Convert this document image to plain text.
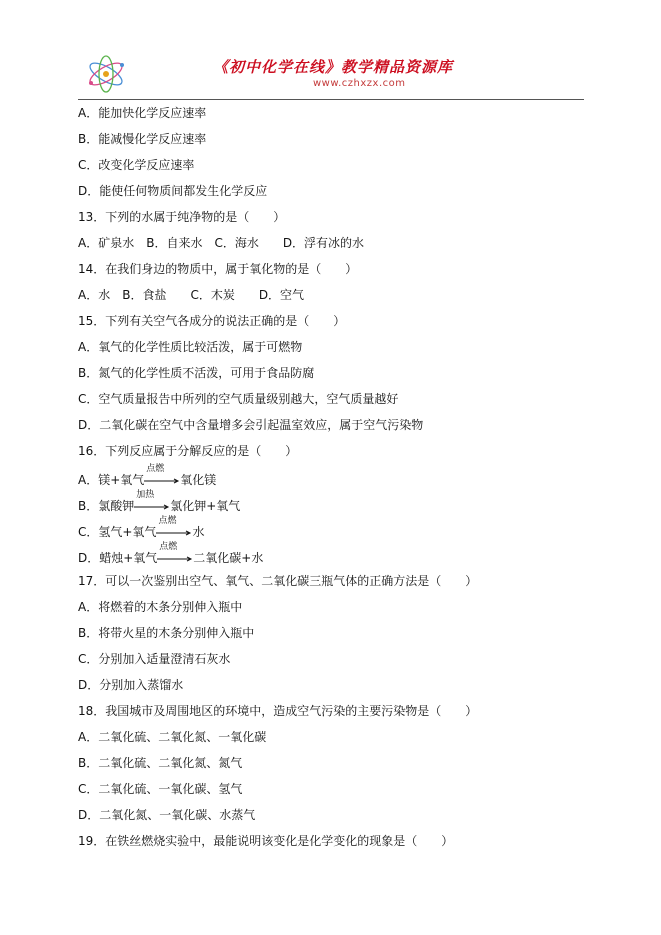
《初中化学在线》教学精品资源库
www.czhxzx.com
A．能加快化学反应速率
B．能减慢化学反应速率
C．改变化学反应速率
D．能使任何物质间都发生化学反应
13．下列的水属于纯净物的是（　　）
A．矿泉水　B．自来水　C．海水　　D．浮有冰的水
14．在我们身边的物质中，属于氧化物的是（　　）
A．水　B．食盐　　C．木炭　　D．空气
15．下列有关空气各成分的说法正确的是（　　）
A．氧气的化学性质比较活泼，属于可燃物
B．氮气的化学性质不活泼，可用于食品防腐
C．空气质量报告中所列的空气质量级别越大，空气质量越好
D．二氧化碳在空气中含量增多会引起温室效应，属于空气污染物
16．下列反应属于分解反应的是（　　）
A．镁+氧气
点燃
氧化镁
B．氯酸钾
加热
氯化钾+氧气
C．氢气+氧气
点燃
水
D．蜡烛+氧气
点燃
二氧化碳+水
17．可以一次鉴别出空气、氧气、二氧化碳三瓶气体的正确方法是（　　）
A．将燃着的木条分别伸入瓶中
B．将带火星的木条分别伸入瓶中
C．分别加入适量澄清石灰水
D．分别加入蒸馏水
18．我国城市及周围地区的环境中，造成空气污染的主要污染物是（　　）
A．二氧化硫、二氧化氮、一氧化碳
B．二氧化硫、二氧化氮、氮气
C．二氧化硫、一氧化碳、氢气
D．二氧化氮、一氧化碳、水蒸气
19．在铁丝燃烧实验中，最能说明该变化是化学变化的现象是（　　）
